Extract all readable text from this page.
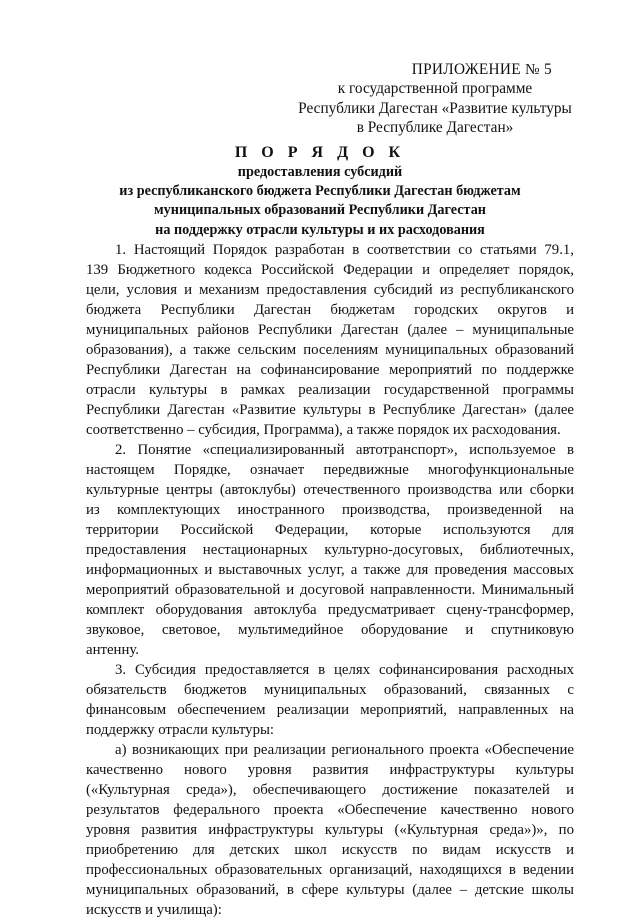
ПРИЛОЖЕНИЕ № 5
к государственной программе
Республики Дагестан «Развитие культуры
в Республике Дагестан»
П О Р Я Д О К
предоставления субсидий
из республиканского бюджета Республики Дагестан бюджетам
муниципальных образований Республики Дагестан
на поддержку отрасли культуры и их расходования
1. Настоящий Порядок разработан в соответствии со статьями 79.1,
139 Бюджетного кодекса Российской Федерации и определяет порядок,
цели, условия и механизм предоставления субсидий из республиканского
бюджета Республики Дагестан бюджетам городских округов и
муниципальных районов Республики Дагестан (далее – муниципальные
образования), а также сельским поселениям муниципальных образований
Республики Дагестан на софинансирование мероприятий по поддержке
отрасли культуры в рамках реализации государственной программы
Республики Дагестан «Развитие культуры в Республике Дагестан» (далее
соответственно – субсидия, Программа), а также порядок их расходования.
2. Понятие «специализированный автотранспорт», используемое в
настоящем Порядке, означает передвижные многофункциональные
культурные центры (автоклубы) отечественного производства или сборки
из комплектующих иностранного производства, произведенной на
территории Российской Федерации, которые используются для
предоставления нестационарных культурно-досуговых, библиотечных,
информационных и выставочных услуг, а также для проведения массовых
мероприятий образовательной и досуговой направленности. Минимальный
комплект оборудования автоклуба предусматривает сцену-трансформер,
звуковое, световое, мультимедийное оборудование и спутниковую
антенну.
3. Субсидия предоставляется в целях софинансирования расходных
обязательств бюджетов муниципальных образований, связанных с
финансовым обеспечением реализации мероприятий, направленных на
поддержку отрасли культуры:
а) возникающих при реализации регионального проекта «Обеспечение
качественно нового уровня развития инфраструктуры культуры
(«Культурная среда»), обеспечивающего достижение показателей и
результатов федерального проекта «Обеспечение качественно нового
уровня развития инфраструктуры культуры («Культурная среда»)», по
приобретению для детских школ искусств по видам искусств и
профессиональных образовательных организаций, находящихся в ведении
муниципальных образований, в сфере культуры (далее – детские школы
искусств и училища):
